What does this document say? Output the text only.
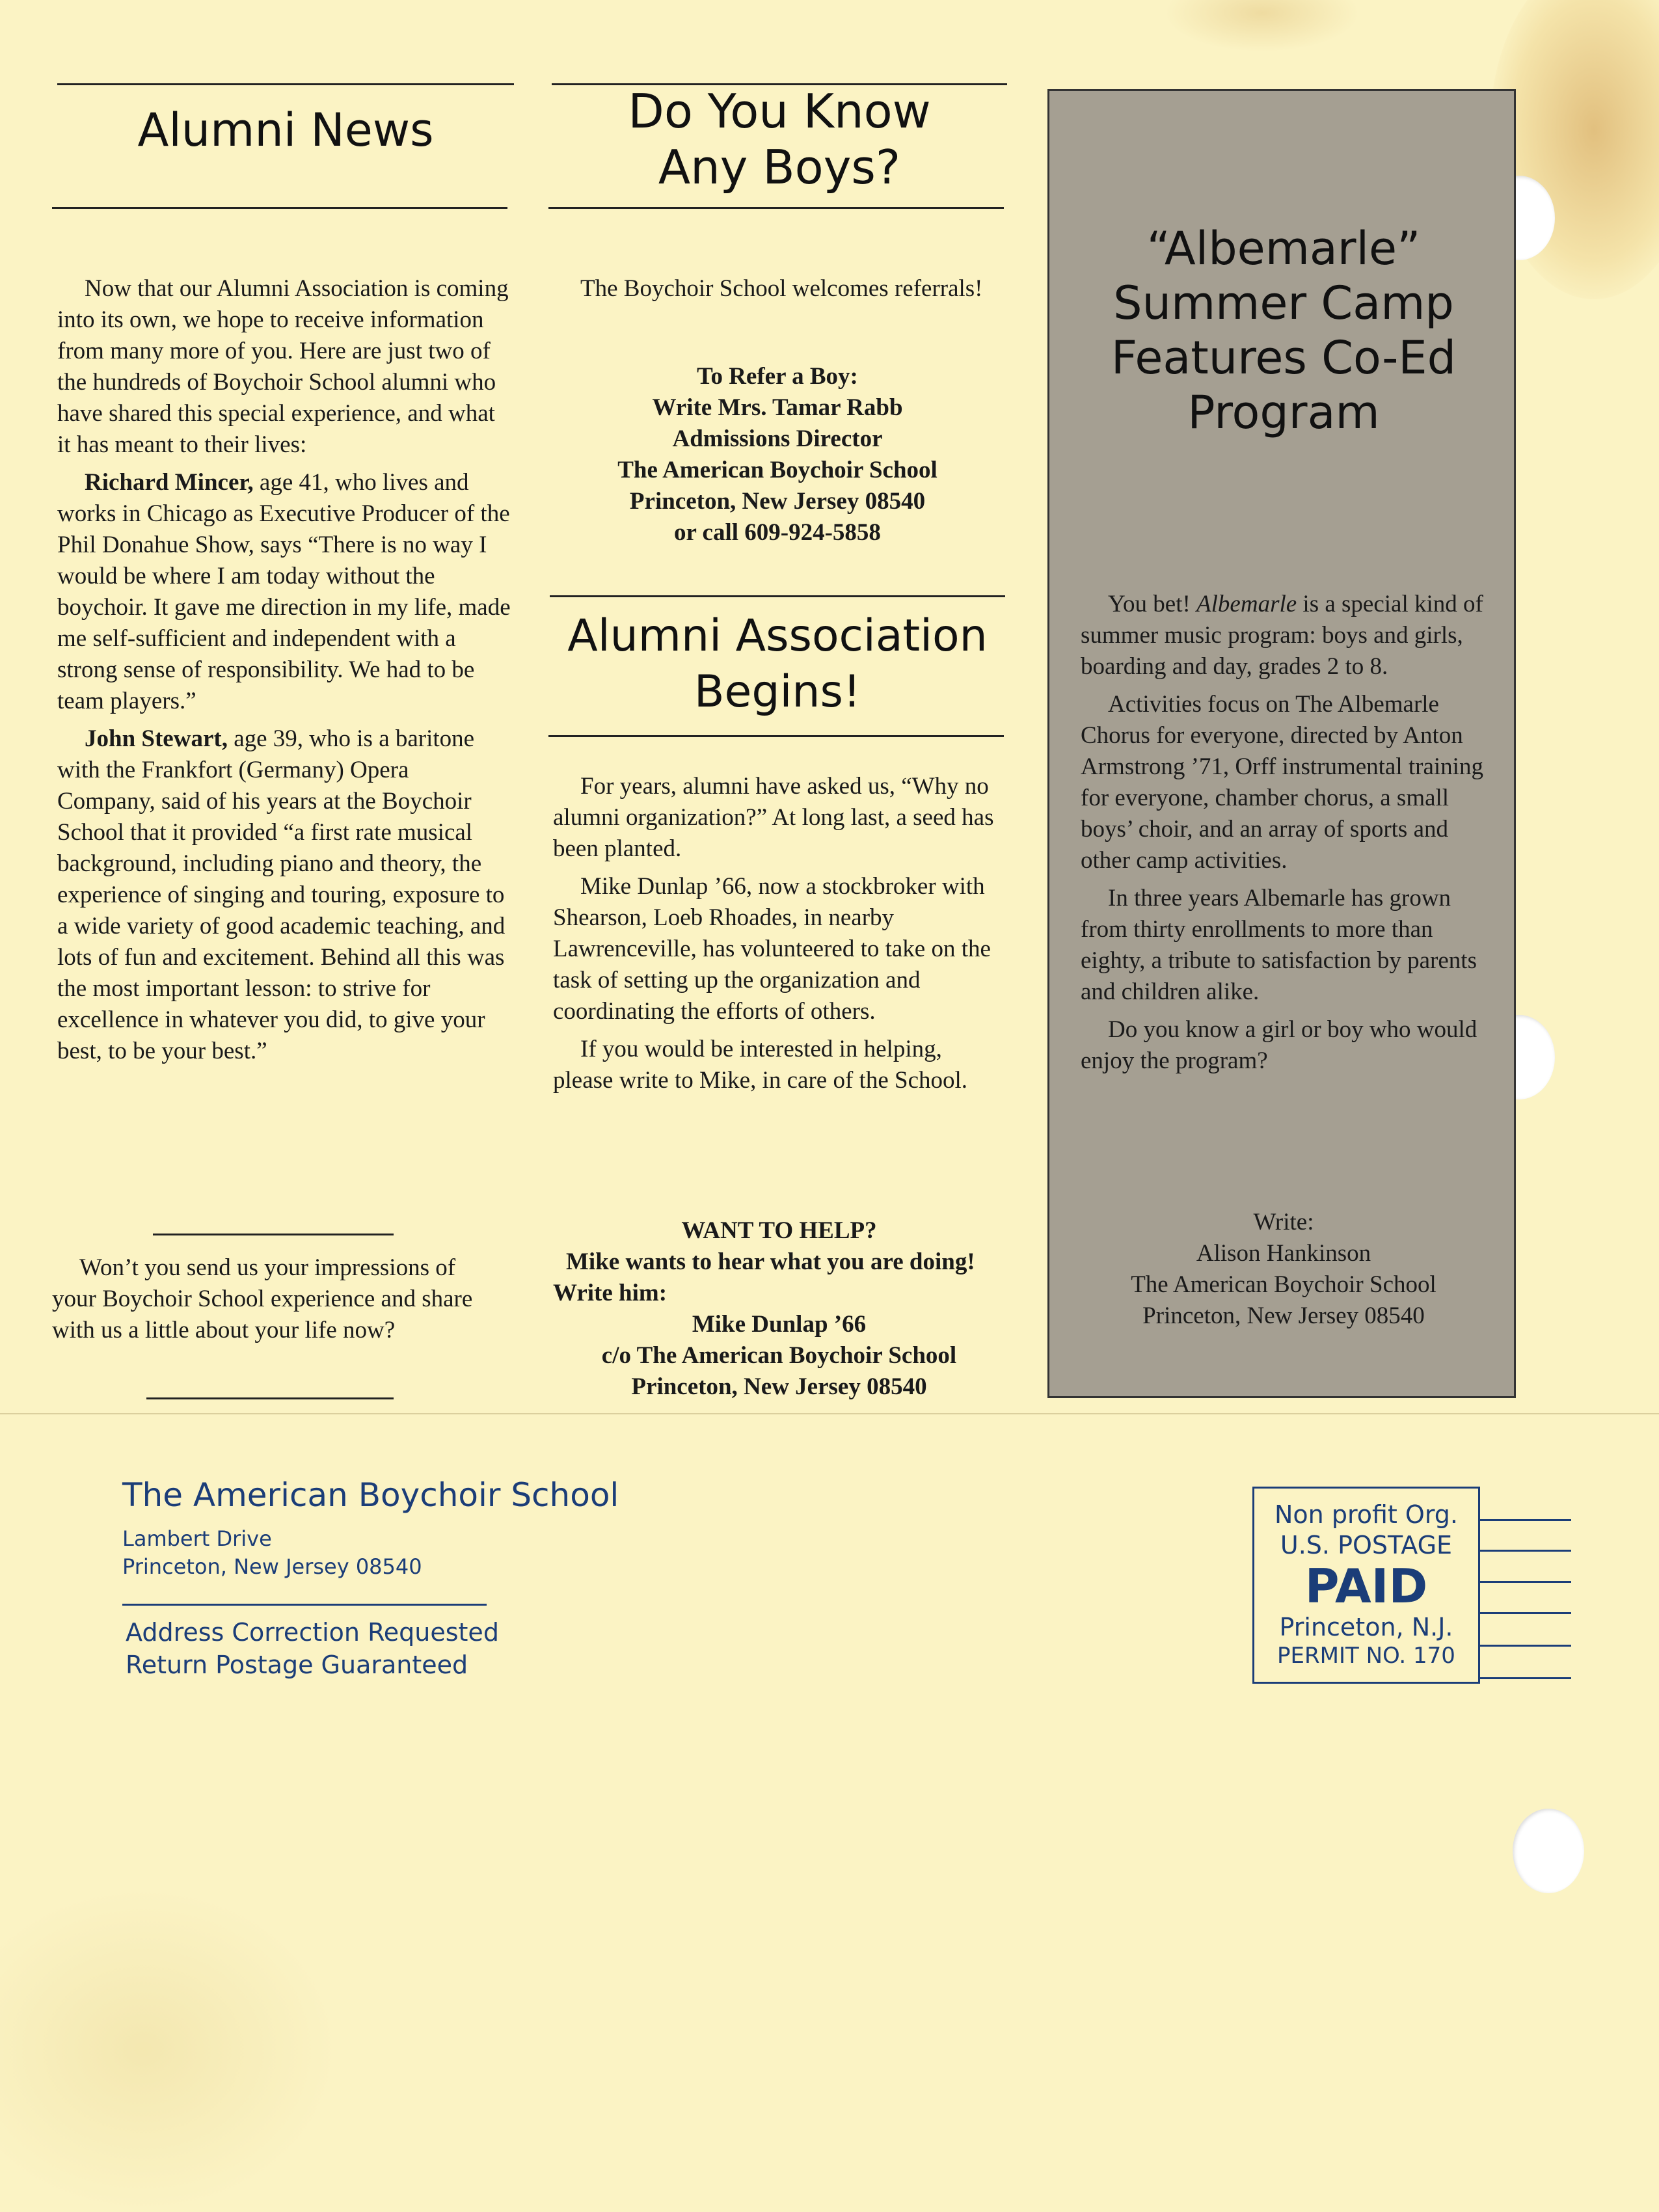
Alumni News

Now that our Alumni Association is coming into its own, we hope to receive information from many more of you. Here are just two of the hundreds of Boychoir School alumni who have shared this special experience, and what it has meant to their lives:

Richard Mincer, age 41, who lives and works in Chicago as Executive Producer of the Phil Donahue Show, says “There is no way I would be where I am today without the boychoir. It gave me direction in my life, made me self-sufficient and independent with a strong sense of responsibility. We had to be team players.”

John Stewart, age 39, who is a baritone with the Frankfort (Germany) Opera Company, said of his years at the Boychoir School that it provided “a first rate musical background, including piano and theory, the experience of singing and touring, exposure to a wide variety of good academic teaching, and lots of fun and excitement. Behind all this was the most important lesson: to strive for excellence in whatever you did, to give your best, to be your best.”

Won’t you send us your impressions of your Boychoir School experience and share with us a little about your life now?

Do You Know
Any Boys?

The Boychoir School welcomes referrals!

To Refer a Boy:
Write Mrs. Tamar Rabb
Admissions Director
The American Boychoir School
Princeton, New Jersey 08540
or call 609-924-5858
Alumni Association
Begins!

For years, alumni have asked us, “Why no alumni organization?” At long last, a seed has been planted.

Mike Dunlap ’66, now a stockbroker with Shearson, Loeb Rhoades, in nearby Lawrenceville, has volunteered to take on the task of setting up the organization and coordinating the efforts of others.

If you would be interested in helping, please write to Mike, in care of the School.

WANT TO HELP?
Mike wants to hear what you are doing! Write him:
Mike Dunlap ’66
c/o The American Boychoir School
Princeton, New Jersey 08540
“Albemarle”
Summer Camp
Features Co-Ed
Program

You bet! Albemarle is a special kind of summer music program: boys and girls, boarding and day, grades 2 to 8.

Activities focus on The Albemarle Chorus for everyone, directed by Anton Armstrong ’71, Orff instrumental training for everyone, chamber chorus, a small boys’ choir, and an array of sports and other camp activities.

In three years Albemarle has grown from thirty enrollments to more than eighty, a tribute to satisfaction by parents and children alike.

Do you know a girl or boy who would enjoy the program?

Write:
Alison Hankinson
The American Boychoir School
Princeton, New Jersey 08540
The American Boychoir School
Lambert Drive
Princeton, New Jersey 08540
Address Correction Requested
Return Postage Guaranteed
Non profit Org.
U.S. POSTAGE
PAID
Princeton, N.J.
PERMIT NO. 170
